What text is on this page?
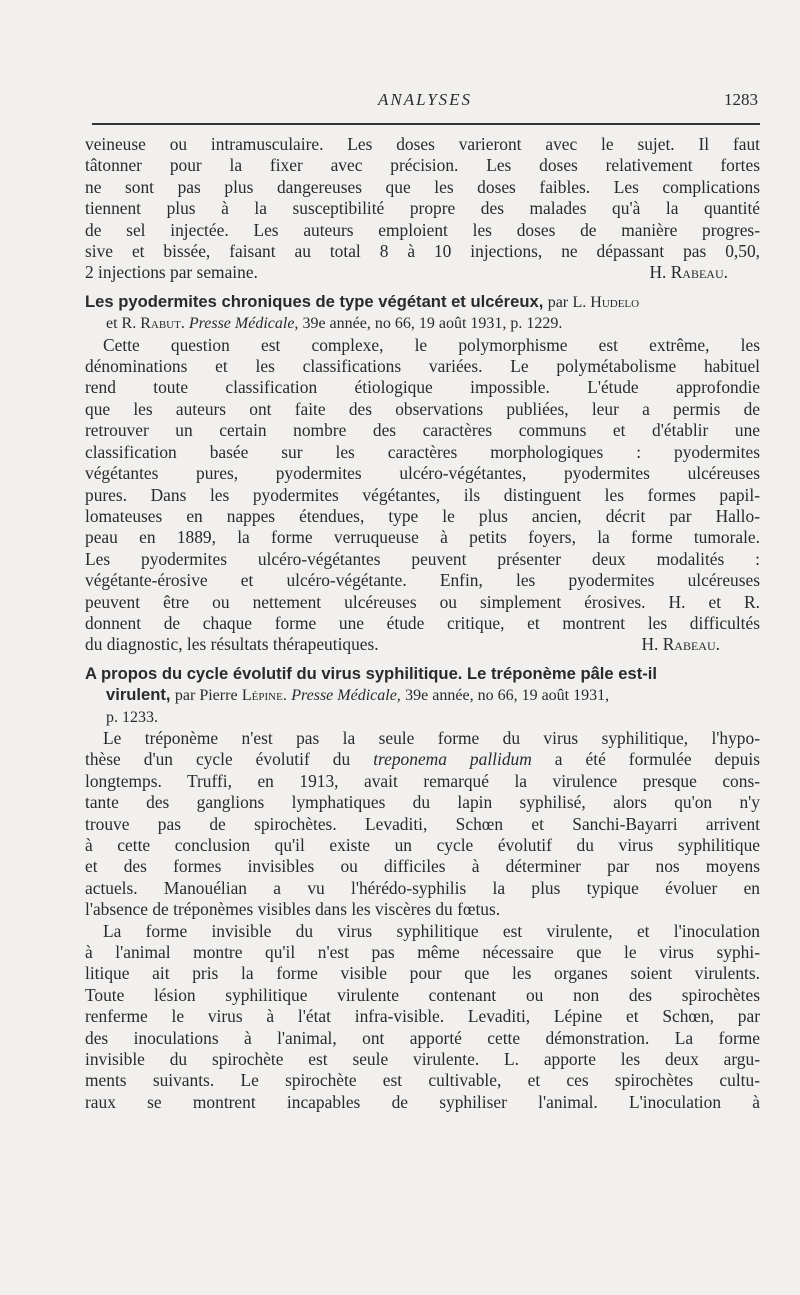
ANALYSES	1283
veineuse ou intramusculaire. Les doses varieront avec le sujet. Il faut
tâtonner pour la fixer avec précision. Les doses relativement fortes
ne sont pas plus dangereuses que les doses faibles. Les complications
tiennent plus à la susceptibilité propre des malades qu'à la quantité
de sel injectée. Les auteurs emploient les doses de manière progres-
sive et bissée, faisant au total 8 à 10 injections, ne dépassant pas 0,50,
2 injections par semaine.	H. Rabeau.
Les pyodermites chroniques de type végétant et ulcéreux, par L. Hudelo
et R. Rabut. Presse Médicale, 39e année, no 66, 19 août 1931, p. 1229.
Cette question est complexe, le polymorphisme est extrême, les
dénominations et les classifications variées. Le polymétabolisme habituel
rend toute classification étiologique impossible. L'étude approfondie
que les auteurs ont faite des observations publiées, leur a permis de
retrouver un certain nombre des caractères communs et d'établir une
classification basée sur les caractères morphologiques : pyodermites
végétantes pures, pyodermites ulcéro-végétantes, pyodermites ulcéreuses
pures. Dans les pyodermites végétantes, ils distinguent les formes papil-
lomateuses en nappes étendues, type le plus ancien, décrit par Hallo-
peau en 1889, la forme verruqueuse à petits foyers, la forme tumorale.
Les pyodermites ulcéro-végétantes peuvent présenter deux modalités :
végétante-érosive et ulcéro-végétante. Enfin, les pyodermites ulcéreuses
peuvent être ou nettement ulcéreuses ou simplement érosives. H. et R.
donnent de chaque forme une étude critique, et montrent les difficultés
du diagnostic, les résultats thérapeutiques.	H. Rabeau.
A propos du cycle évolutif du virus syphilitique. Le tréponème pâle est-il
virulent, par Pierre Lépine. Presse Médicale, 39e année, no 66, 19 août 1931,
p. 1233.
Le tréponème n'est pas la seule forme du virus syphilitique, l'hypo-
thèse d'un cycle évolutif du treponema pallidum a été formulée depuis
longtemps. Truffi, en 1913, avait remarqué la virulence presque cons-
tante des ganglions lymphatiques du lapin syphilisé, alors qu'on n'y
trouve pas de spirochètes. Levaditi, Schœn et Sanchi-Bayarri arrivent
à cette conclusion qu'il existe un cycle évolutif du virus syphilitique
et des formes invisibles ou difficiles à déterminer par nos moyens
actuels. Manouélian a vu l'hérédo-syphilis la plus typique évoluer en
l'absence de tréponèmes visibles dans les viscères du fœtus.
La forme invisible du virus syphilitique est virulente, et l'inoculation
à l'animal montre qu'il n'est pas même nécessaire que le virus syphi-
litique ait pris la forme visible pour que les organes soient virulents.
Toute lésion syphilitique virulente contenant ou non des spirochètes
renferme le virus à l'état infra-visible. Levaditi, Lépine et Schœn, par
des inoculations à l'animal, ont apporté cette démonstration. La forme
invisible du spirochète est seule virulente. L. apporte les deux argu-
ments suivants. Le spirochète est cultivable, et ces spirochètes cultu-
raux se montrent incapables de syphiliser l'animal. L'inoculation à
